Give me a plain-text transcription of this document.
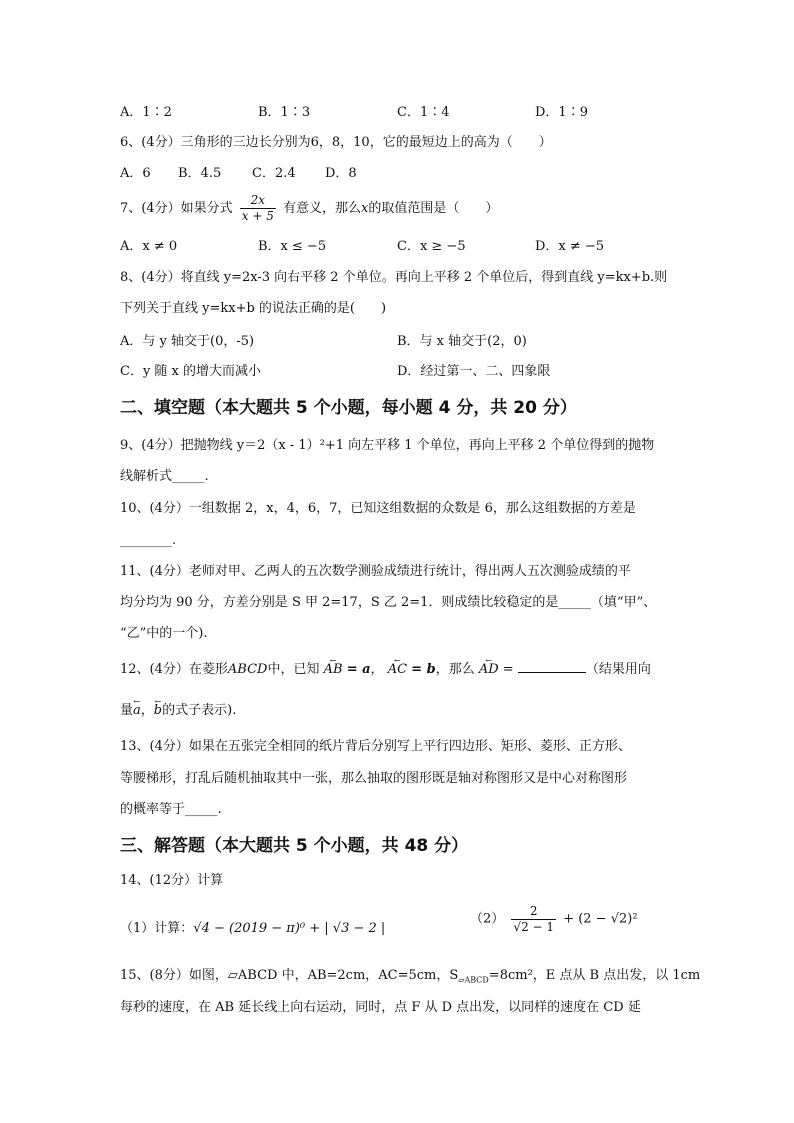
A．1∶2	B．1∶3	C．1∶4	D．1∶9
6、(4分）三角形的三边长分别为6，8，10，它的最短边上的高为（　　）
A．6 B．4.5 C．2.4 D．8
7、(4分）如果分式 $\frac{2x}{x + 5}$ 有意义，那么x的取值范围是（　　）
A．x ≠ 0	B．x ≤ −5	C．x ≥ −5	D．x ≠ −5
8、(4分）将直线 y=2x-3 向右平移 2 个单位。再向上平移 2 个单位后，得到直线 y=kx+b.则
下列关于直线 y=kx+b 的说法正确的是(　　)
A．与 y 轴交于(0，-5)	B．与 x 轴交于(2，0)
C．y 随 x 的增大而减小	D．经过第一、二、四象限
二、填空题（本大题共 5 个小题，每小题 4 分，共 20 分）
9、(4分）把抛物线 y＝2（x - 1）²+1 向左平移 1 个单位，再向上平移 2 个单位得到的抛物
线解析式_____.
10、(4分）一组数据 2，x，4，6，7，已知这组数据的众数是 6，那么这组数据的方差是
________.
11、(4分）老师对甲、乙两人的五次数学测验成绩进行统计，得出两人五次测验成绩的平
均分均为 90 分，方差分别是 S 甲 2=17，S 乙 2=1．则成绩比较稳定的是_____（填“甲”、
“乙”中的一个).
12、(4分）在菱形ABCD中，已知 ← AB = a， ← AC = b，那么 ← AD =	（结果用向
量← a，← b的式子表示).
13、(4分）如果在五张完全相同的纸片背后分别写上平行四边形、矩形、菱形、正方形、
等腰梯形，打乱后随机抽取其中一张，那么抽取的图形既是轴对称图形又是中心对称图形
的概率等于_____.
三、解答题（本大题共 5 个小题，共 48 分）
14、(12分）计算
（1）计算：√4 − (2019 − π)⁰ + | √3 − 2 |
$(2) \frac{2}{√2 - 1} + (2 - √2)^2$
15、(8分）如图，▱ABCD 中，AB=2cm，AC=5cm，$S_{▱ABCD}=8cm^2$，E 点从 B 点出发，以 1cm
每秒的速度，在 AB 延长线上向右运动，同时，点 F 从 D 点出发，以同样的速度在 CD 延
